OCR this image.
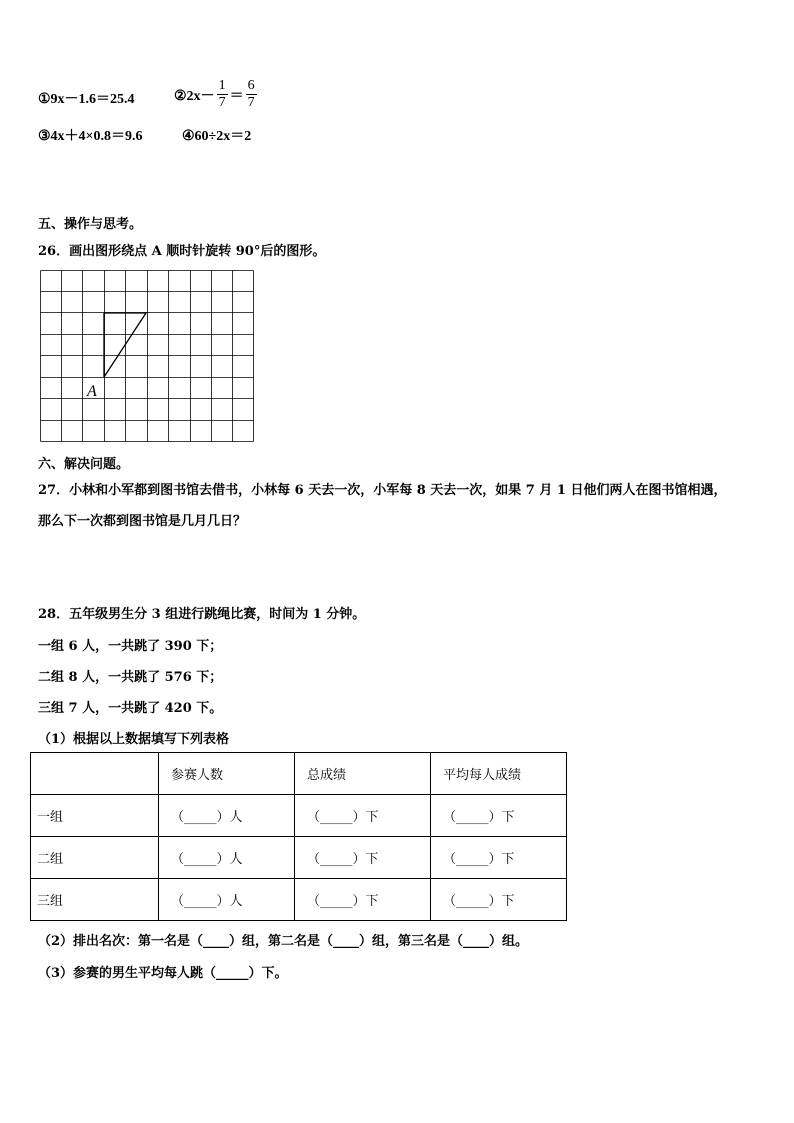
①9x－1.6＝25.4	②2x－ $\frac{1}{7} = \frac{6}{7}$
③4x＋4×0.8＝9.6	④60÷2x＝2
五、操作与思考。
26．画出图形绕点 A 顺时针旋转 90°后的图形。
A
六、解决问题。
27．小林和小军都到图书馆去借书，小林每 6 天去一次，小军每 8 天去一次，如果 7 月 1 日他们两人在图书馆相遇，
那么下一次都到图书馆是几月几日？
28．五年级男生分 3 组进行跳绳比赛，时间为 1 分钟。
一组 6 人，一共跳了 390 下；
二组 8 人，一共跳了 576 下；
三组 7 人，一共跳了 420 下。
（1）根据以上数据填写下列表格
	参赛人数	总成绩	平均每人成绩
一组	（_____）人	（_____）下	（_____）下
二组	（_____）人	（_____）下	（_____）下
三组	（_____）人	（_____）下	（_____）下
（2）排出名次：第一名是（____）组，第二名是（____）组，第三名是（____）组。
（3）参赛的男生平均每人跳（_____）下。
